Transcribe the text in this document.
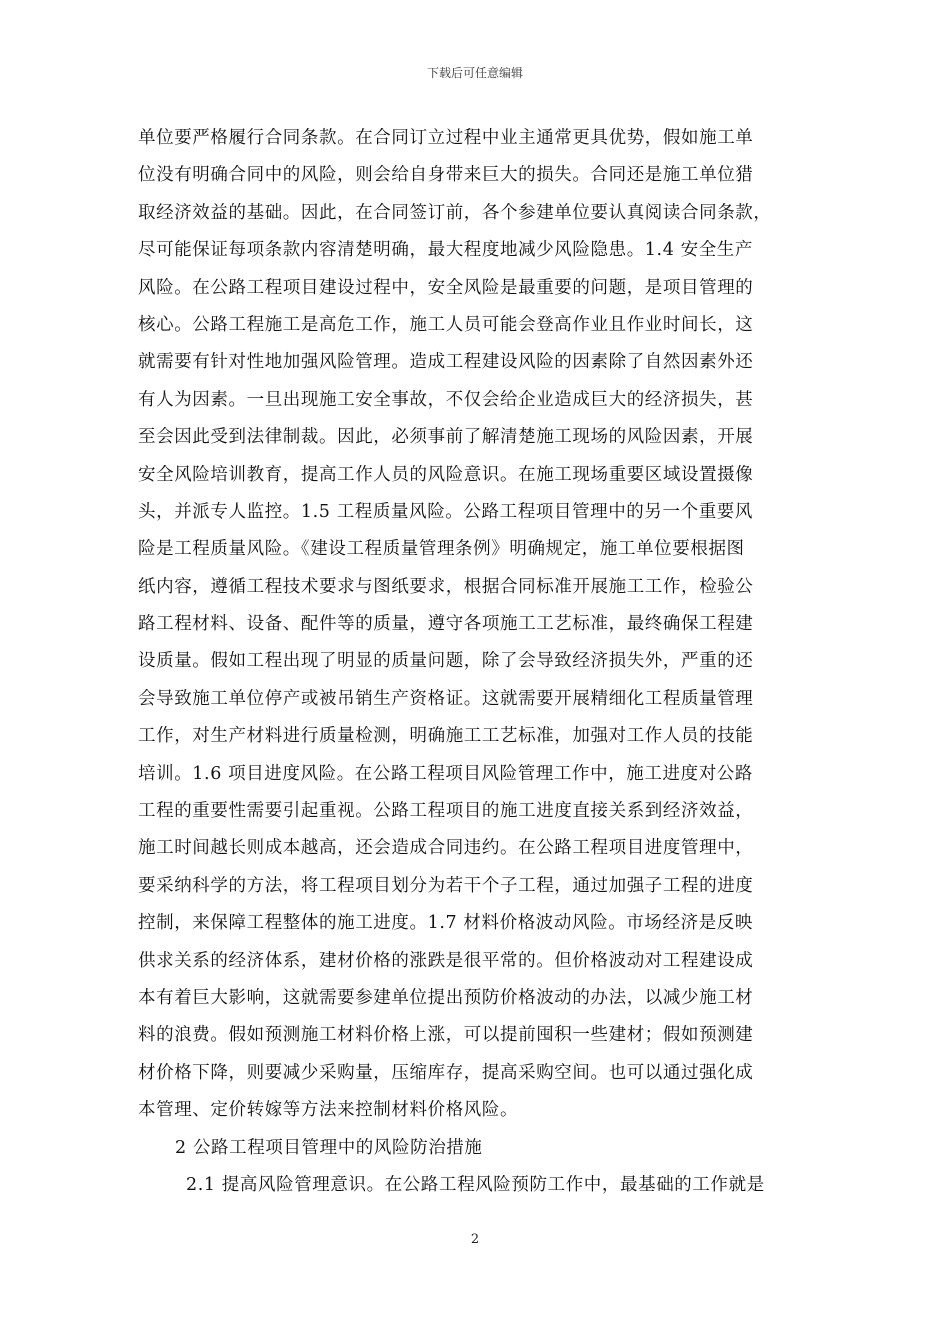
下载后可任意编辑
单位要严格履行合同条款。在合同订立过程中业主通常更具优势，假如施工单
位没有明确合同中的风险，则会给自身带来巨大的损失。合同还是施工单位猎
取经济效益的基础。因此，在合同签订前，各个参建单位要认真阅读合同条款，
尽可能保证每项条款内容清楚明确，最大程度地减少风险隐患。1.4 安全生产
风险。在公路工程项目建设过程中，安全风险是最重要的问题，是项目管理的
核心。公路工程施工是高危工作，施工人员可能会登高作业且作业时间长，这
就需要有针对性地加强风险管理。造成工程建设风险的因素除了自然因素外还
有人为因素。一旦出现施工安全事故，不仅会给企业造成巨大的经济损失，甚
至会因此受到法律制裁。因此，必须事前了解清楚施工现场的风险因素，开展
安全风险培训教育，提高工作人员的风险意识。在施工现场重要区域设置摄像
头，并派专人监控。1.5 工程质量风险。公路工程项目管理中的另一个重要风
险是工程质量风险。《建设工程质量管理条例》明确规定，施工单位要根据图
纸内容，遵循工程技术要求与图纸要求，根据合同标准开展施工工作，检验公
路工程材料、设备、配件等的质量，遵守各项施工工艺标准，最终确保工程建
设质量。假如工程出现了明显的质量问题，除了会导致经济损失外，严重的还
会导致施工单位停产或被吊销生产资格证。这就需要开展精细化工程质量管理
工作，对生产材料进行质量检测，明确施工工艺标准，加强对工作人员的技能
培训。1.6 项目进度风险。在公路工程项目风险管理工作中，施工进度对公路
工程的重要性需要引起重视。公路工程项目的施工进度直接关系到经济效益，
施工时间越长则成本越高，还会造成合同违约。在公路工程项目进度管理中，
要采纳科学的方法，将工程项目划分为若干个子工程，通过加强子工程的进度
控制，来保障工程整体的施工进度。1.7 材料价格波动风险。市场经济是反映
供求关系的经济体系，建材价格的涨跌是很平常的。但价格波动对工程建设成
本有着巨大影响，这就需要参建单位提出预防价格波动的办法，以减少施工材
料的浪费。假如预测施工材料价格上涨，可以提前囤积一些建材；假如预测建
材价格下降，则要减少采购量，压缩库存，提高采购空间。也可以通过强化成
本管理、定价转嫁等方法来控制材料价格风险。
2 公路工程项目管理中的风险防治措施
2.1 提高风险管理意识。在公路工程风险预防工作中，最基础的工作就是
2
